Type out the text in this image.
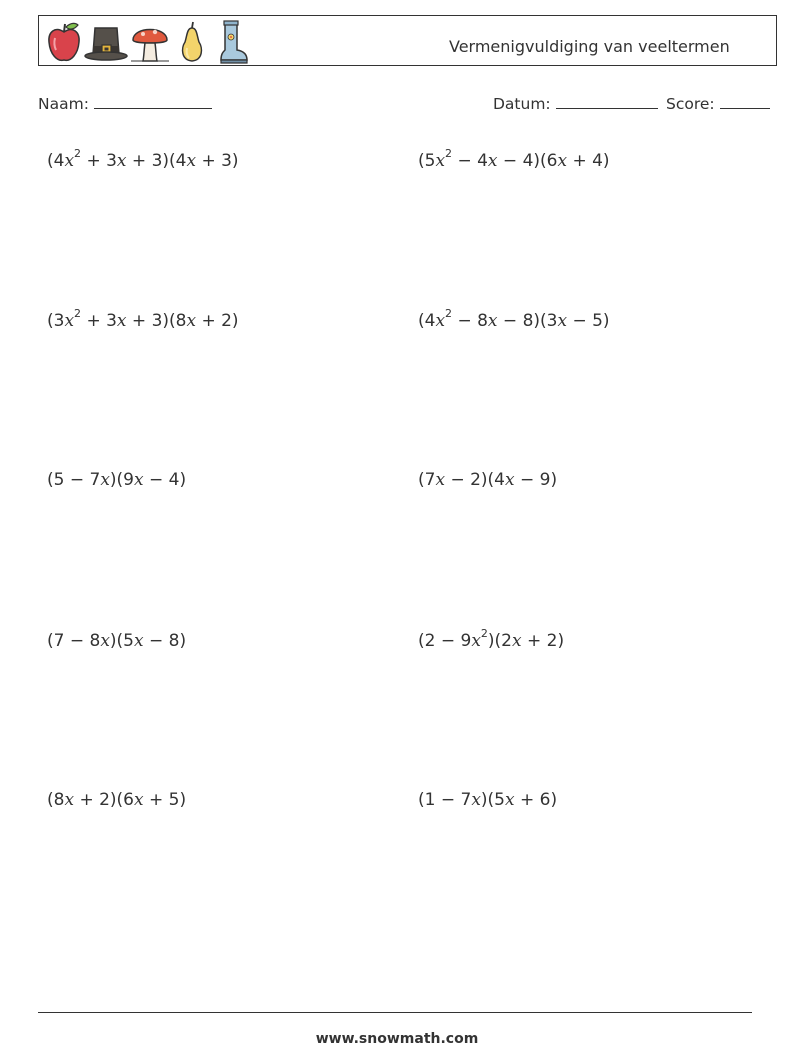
Vermenigvuldiging van veeltermen
Naam:	Datum:	Score:
$(4x^2 + 3x + 3)(4x + 3)$	$(5x^2 - 4x - 4)(6x + 4)$
$(3x^2 + 3x + 3)(8x + 2)$	$(4x^2 - 8x - 8)(3x - 5)$
(5 − 7x)(9x − 4)	(7x − 2)(4x − 9)
(7 − 8x)(5x − 8)	$(2 - 9x^2)(2x + 2)$
(8x + 2)(6x + 5)	(1 − 7x)(5x + 6)
www.snowmath.com
